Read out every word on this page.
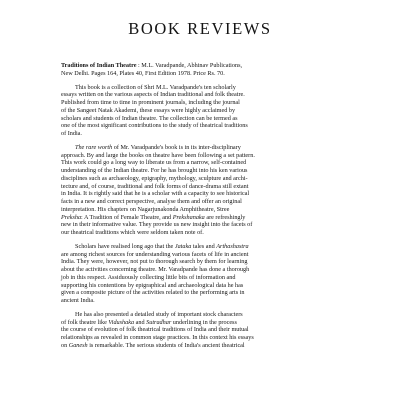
BOOK REVIEWS
Traditions of Indian Theatre : M.L. Varadpande, Abhinav Publications,
New Delhi. Pages 164, Plates 40, First Edition 1978. Price Rs. 70.
This book is a collection of Shri M.L. Varadpande's ten scholarly
essays written on the various aspects of Indian traditional and folk theatre.
Published from time to time in prominent journals, including the journal
of the Sangeet Natak Akademi, these essays were highly acclaimed by
scholars and students of Indian theatre. The collection can be termed as
one of the most significant contributions to the study of theatrical traditions
of India.
The rare worth of Mr. Varadpande's book is in its inter-disciplinary
approach. By and large the books on theatre have been following a set pattern.
This work could go a long way to liberate us from a narrow, self-contained
understanding of the Indian theatre. For he has brought into his ken various
disciplines such as archaeology, epigraphy, mythology, sculpture and archi-
tecture and, of course, traditional and folk forms of dance-drama still extant
in India. It is rightly said that he is a scholar with a capacity to see historical
facts in a new and correct perspective, analyse them and offer an original
interpretation. His chapters on Nagarjunakonda Amphitheatre, Stree
Preksha: A Tradition of Female Theatre, and Prekshanaka are refreshingly
new in their informative value. They provide us new insight into the facets of
our theatrical traditions which were seldom taken note of.
Scholars have realised long ago that the Jataka tales and Arthashastra
are among richest sources for understanding various facets of life in ancient
India. They were, however, not put to thorough search by them for learning
about the activities concerning theatre. Mr. Varadpande has done a thorough
job in this respect. Assiduously collecting little bits of information and
supporting his contentions by epigraphical and archaeological data he has
given a composite picture of the activities related to the performing arts in
ancient India.
He has also presented a detailed study of important stock characters
of folk theatre like Vidushaka and Sutradhar underlining in the process
the course of evolution of folk theatrical traditions of India and their mutual
relationships as revealed in common stage practices. In this context his essays
on Ganesh is remarkable. The serious students of India's ancient theatrical
